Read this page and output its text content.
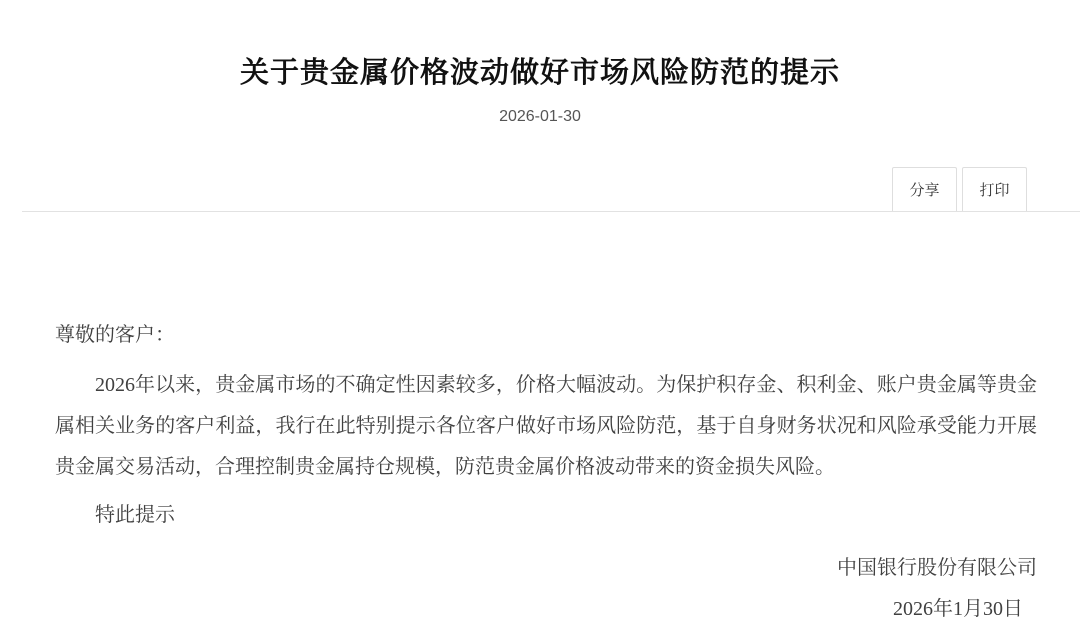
关于贵金属价格波动做好市场风险防范的提示
2026-01-30
分享	打印

尊敬的客户：

2026年以来，贵金属市场的不确定性因素较多，价格大幅波动。为保护积存金、积利金、账户贵金属等贵金属相关业务的客户利益，我行在此特别提示各位客户做好市场风险防范，基于自身财务状况和风险承受能力开展贵金属交易活动，合理控制贵金属持仓规模，防范贵金属价格波动带来的资金损失风险。

特此提示

中国银行股份有限公司

2026年1月30日
